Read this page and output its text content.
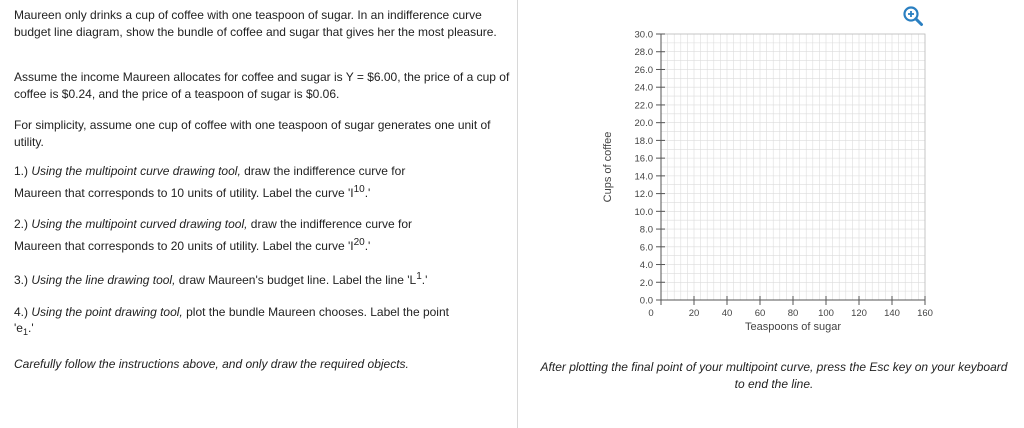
Maureen only drinks a cup of coffee with one teaspoon of sugar. In an indifference curve budget line diagram, show the bundle of coffee and sugar that gives her the most pleasure.

Assume the income Maureen allocates for coffee and sugar is Y = $6.00, the price of a cup of coffee is $0.24, and the price of a teaspoon of sugar is $0.06.

For simplicity, assume one cup of coffee with one teaspoon of sugar generates one unit of utility.

1.) Using the multipoint curve drawing tool, draw the indifference curve for

Maureen that corresponds to 10 units of utility. Label the curve '$I^{10}$.'

2.) Using the multipoint curved drawing tool, draw the indifference curve for

Maureen that corresponds to 20 units of utility. Label the curve '$I^{20}$.'

3.) Using the line drawing tool, draw Maureen's budget line. Label the line '$L^1$.'

4.) Using the point drawing tool, plot the bundle Maureen chooses. Label the point

'$e_1$.'

Carefully follow the instructions above, and only draw the required objects.

0.0
2.0
4.0
6.0
8.0
10.0
12.0
14.0
16.0
18.0
20.0
22.0
24.0
26.0
28.0
30.0
0	20 40 60 80 100 120 140 160
Teaspoons of sugar
Cups of coffee
After plotting the final point of your multipoint curve, press the Esc key on your keyboard to end the line.
